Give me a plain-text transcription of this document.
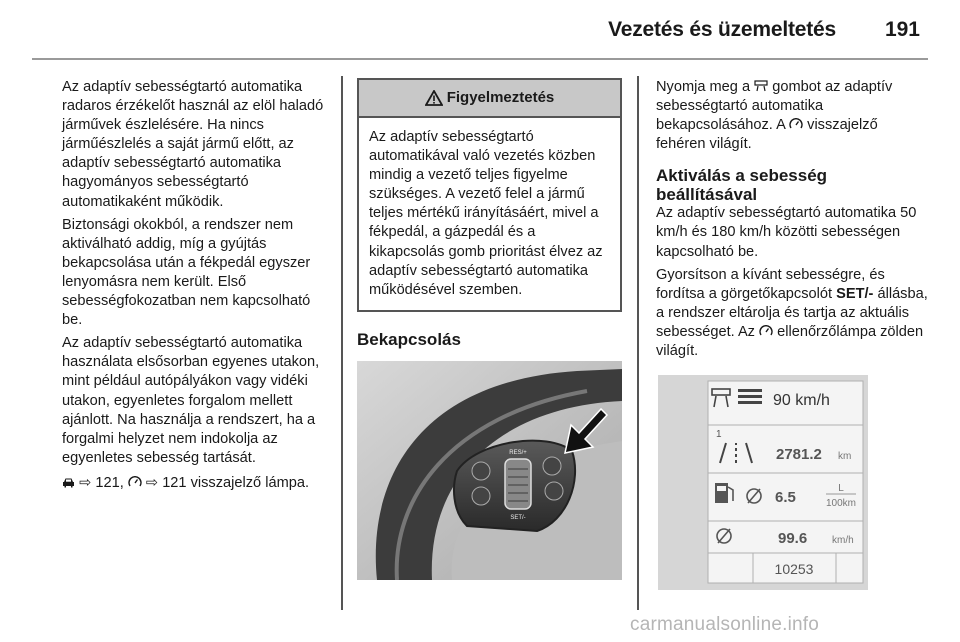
Vezetés és üzemeltetés 191

Az adaptív sebességtartó automatika radaros érzékelőt használ az elöl haladó járművek észlelésére. Ha nincs járműészlelés a saját jármű előtt, az adaptív sebességtartó automatika hagyományos sebességtartó automatikaként működik.

Biztonsági okokból, a rendszer nem aktiválható addig, míg a gyújtás bekapcsolása után a fékpedál egyszer lenyomásra nem került. Első sebességfokozatban nem kapcsolható be.

Az adaptív sebességtartó automatika használata elsősorban egyenes utakon, mint például autópályákon vagy vidéki utakon, egyenletes forgalom mellett ajánlott. Na használja a rendszert, ha a forgalmi helyzet nem indokolja az egyenletes sebesség tartását.

⇨ 121, ⇨ 121 visszajelző lámpa.

Figyelmeztetés
Az adaptív sebességtartó automatikával való vezetés közben mindig a vezető teljes figyelme szükséges. A vezető felel a jármű teljes mértékű irányításáért, mivel a fékpedál, a gázpedál és a kikapcsolás gomb prioritást élvez az adaptív sebességtartó automatika működésével szemben.
Bekapcsolás
RES/+
SET/-

Nyomja meg a gombot az adaptív sebességtartó automatika bekapcsolásához. A visszajelző fehéren világít.

Aktiválás a sebesség beállításával

Az adaptív sebességtartó automatika 50 km/h és 180 km/h közötti sebességen kapcsolható be.

Gyorsítson a kívánt sebességre, és fordítsa a görgetőkapcsolót SET/- állásba, a rendszer eltárolja és tartja az aktuális sebességet. Az ellenőrzőlámpa zölden világít.

90 km/h
1
2781.2 km
6.5
L
100km
99.6 km/h
10253
carmanualsonline.info
